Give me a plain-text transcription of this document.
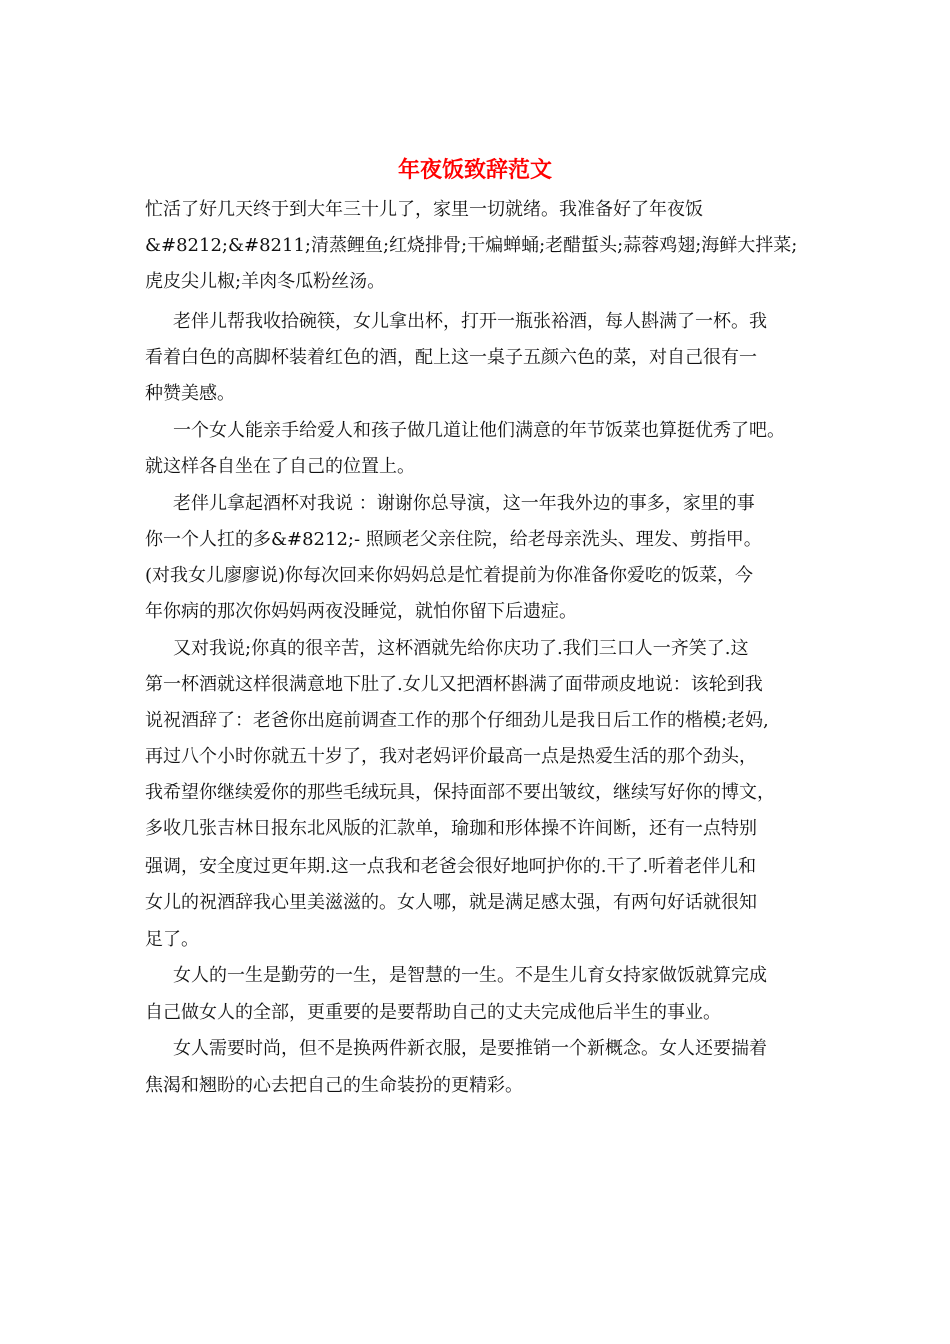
年夜饭致辞范文

忙活了好几天终于到大年三十儿了，家里一切就绪。我准备好了年夜饭

&#8212;&#8211;清蒸鲤鱼;红烧排骨;干煸蝉蛹;老醋蜇头;蒜蓉鸡翅;海鲜大拌菜;

虎皮尖儿椒;羊肉冬瓜粉丝汤。

老伴儿帮我收拾碗筷，女儿拿出杯，打开一瓶张裕酒，每人斟满了一杯。我

看着白色的高脚杯装着红色的酒，配上这一桌子五颜六色的菜，对自己很有一

种赞美感。

一个女人能亲手给爱人和孩子做几道让他们满意的年节饭菜也算挺优秀了吧。

就这样各自坐在了自己的位置上。

老伴儿拿起酒杯对我说 ：谢谢你总导演，这一年我外边的事多，家里的事

你一个人扛的多&#8212;- 照顾老父亲住院，给老母亲洗头、理发、剪指甲。

(对我女儿廖廖说)你每次回来你妈妈总是忙着提前为你准备你爱吃的饭菜，今

年你病的那次你妈妈两夜没睡觉，就怕你留下后遗症。

又对我说;你真的很辛苦，这杯酒就先给你庆功了.我们三口人一齐笑了.这

第一杯酒就这样很满意地下肚了.女儿又把酒杯斟满了面带顽皮地说：该轮到我

说祝酒辞了：老爸你出庭前调查工作的那个仔细劲儿是我日后工作的楷模;老妈,

再过八个小时你就五十岁了，我对老妈评价最高一点是热爱生活的那个劲头，

我希望你继续爱你的那些毛绒玩具，保持面部不要出皱纹，继续写好你的博文，

多收几张吉林日报东北风版的汇款单，瑜珈和形体操不许间断，还有一点特别

强调，安全度过更年期.这一点我和老爸会很好地呵护你的.干了.听着老伴儿和

女儿的祝酒辞我心里美滋滋的。女人哪，就是满足感太强，有两句好话就很知

足了。

女人的一生是勤劳的一生，是智慧的一生。不是生儿育女持家做饭就算完成

自己做女人的全部，更重要的是要帮助自己的丈夫完成他后半生的事业。

女人需要时尚，但不是换两件新衣服，是要推销一个新概念。女人还要揣着

焦渴和翘盼的心去把自己的生命装扮的更精彩。
